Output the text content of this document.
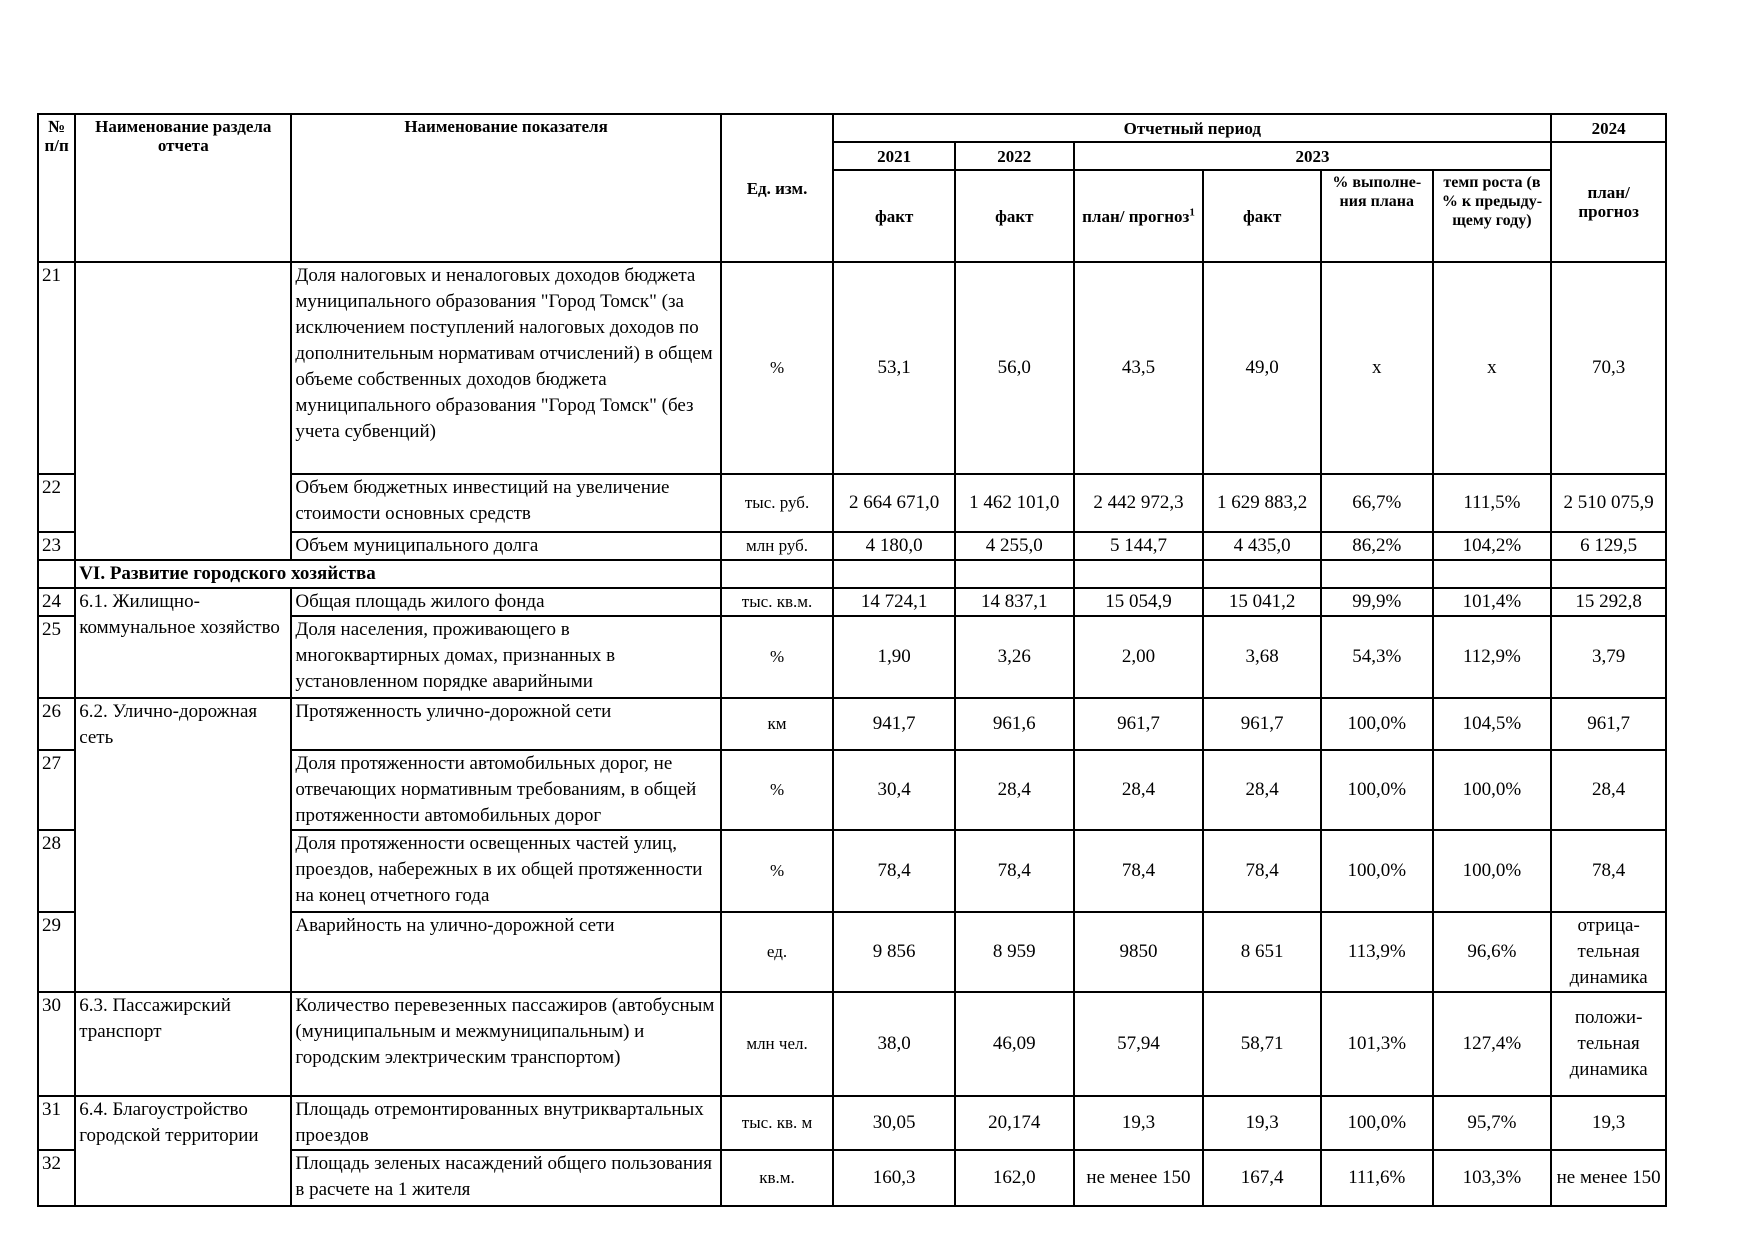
№ п/п	Наименование раздела отчета	Наименование показателя	Ед. изм.	Отчетный период						2024
				2021	2022	2023				план/ прогноз
				факт	факт	план/ прогноз$^1$	факт	% выполне- ния плана	темп роста (в % к предыду- щему году)	
21		Доля налоговых и неналоговых доходов бюджета муниципального образования "Город Томск" (за исключением поступлений налоговых доходов по дополнительным нормативам отчислений) в общем объеме собственных доходов бюджета муниципального образования "Город Томск" (без учета субвенций)	%	53,1	56,0	43,5	49,0	х	х	70,3
22		Объем бюджетных инвестиций на увеличение стоимости основных средств	тыс. руб.	2 664 671,0	1 462 101,0	2 442 972,3	1 629 883,2	66,7%	111,5%	2 510 075,9
23		Объем муниципального долга	млн руб.	4 180,0	4 255,0	5 144,7	4 435,0	86,2%	104,2%	6 129,5
	VI. Развитие городского хозяйства									
24	6.1. Жилищно- коммунальное хозяйство	Общая площадь жилого фонда	тыс. кв.м.	14 724,1	14 837,1	15 054,9	15 041,2	99,9%	101,4%	15 292,8
25		Доля населения, проживающего в многоквартирных домах, признанных в установленном порядке аварийными	%	1,90	3,26	2,00	3,68	54,3%	112,9%	3,79
26	6.2. Улично-дорожная сеть	Протяженность улично-дорожной сети	км	941,7	961,6	961,7	961,7	100,0%	104,5%	961,7
27		Доля протяженности автомобильных дорог, не отвечающих нормативным требованиям, в общей протяженности автомобильных дорог	%	30,4	28,4	28,4	28,4	100,0%	100,0%	28,4
28		Доля протяженности освещенных частей улиц, проездов, набережных в их общей протяженности на конец отчетного года	%	78,4	78,4	78,4	78,4	100,0%	100,0%	78,4
29		Аварийность на улично-дорожной сети	ед.	9 856	8 959	9850	8 651	113,9%	96,6%	отрица- тельная динамика
30	6.3. Пассажирский транспорт	Количество перевезенных пассажиров (автобусным (муниципальным и межмуниципальным) и городским электрическим транспортом)	млн чел.	38,0	46,09	57,94	58,71	101,3%	127,4%	положи- тельная динамика
31	6.4. Благоустройство городской территории	Площадь отремонтированных внутриквартальных проездов	тыс. кв. м	30,05	20,174	19,3	19,3	100,0%	95,7%	19,3
32		Площадь зеленых насаждений общего пользования в расчете на 1 жителя	кв.м.	160,3	162,0	не менее 150	167,4	111,6%	103,3%	не менее 150
